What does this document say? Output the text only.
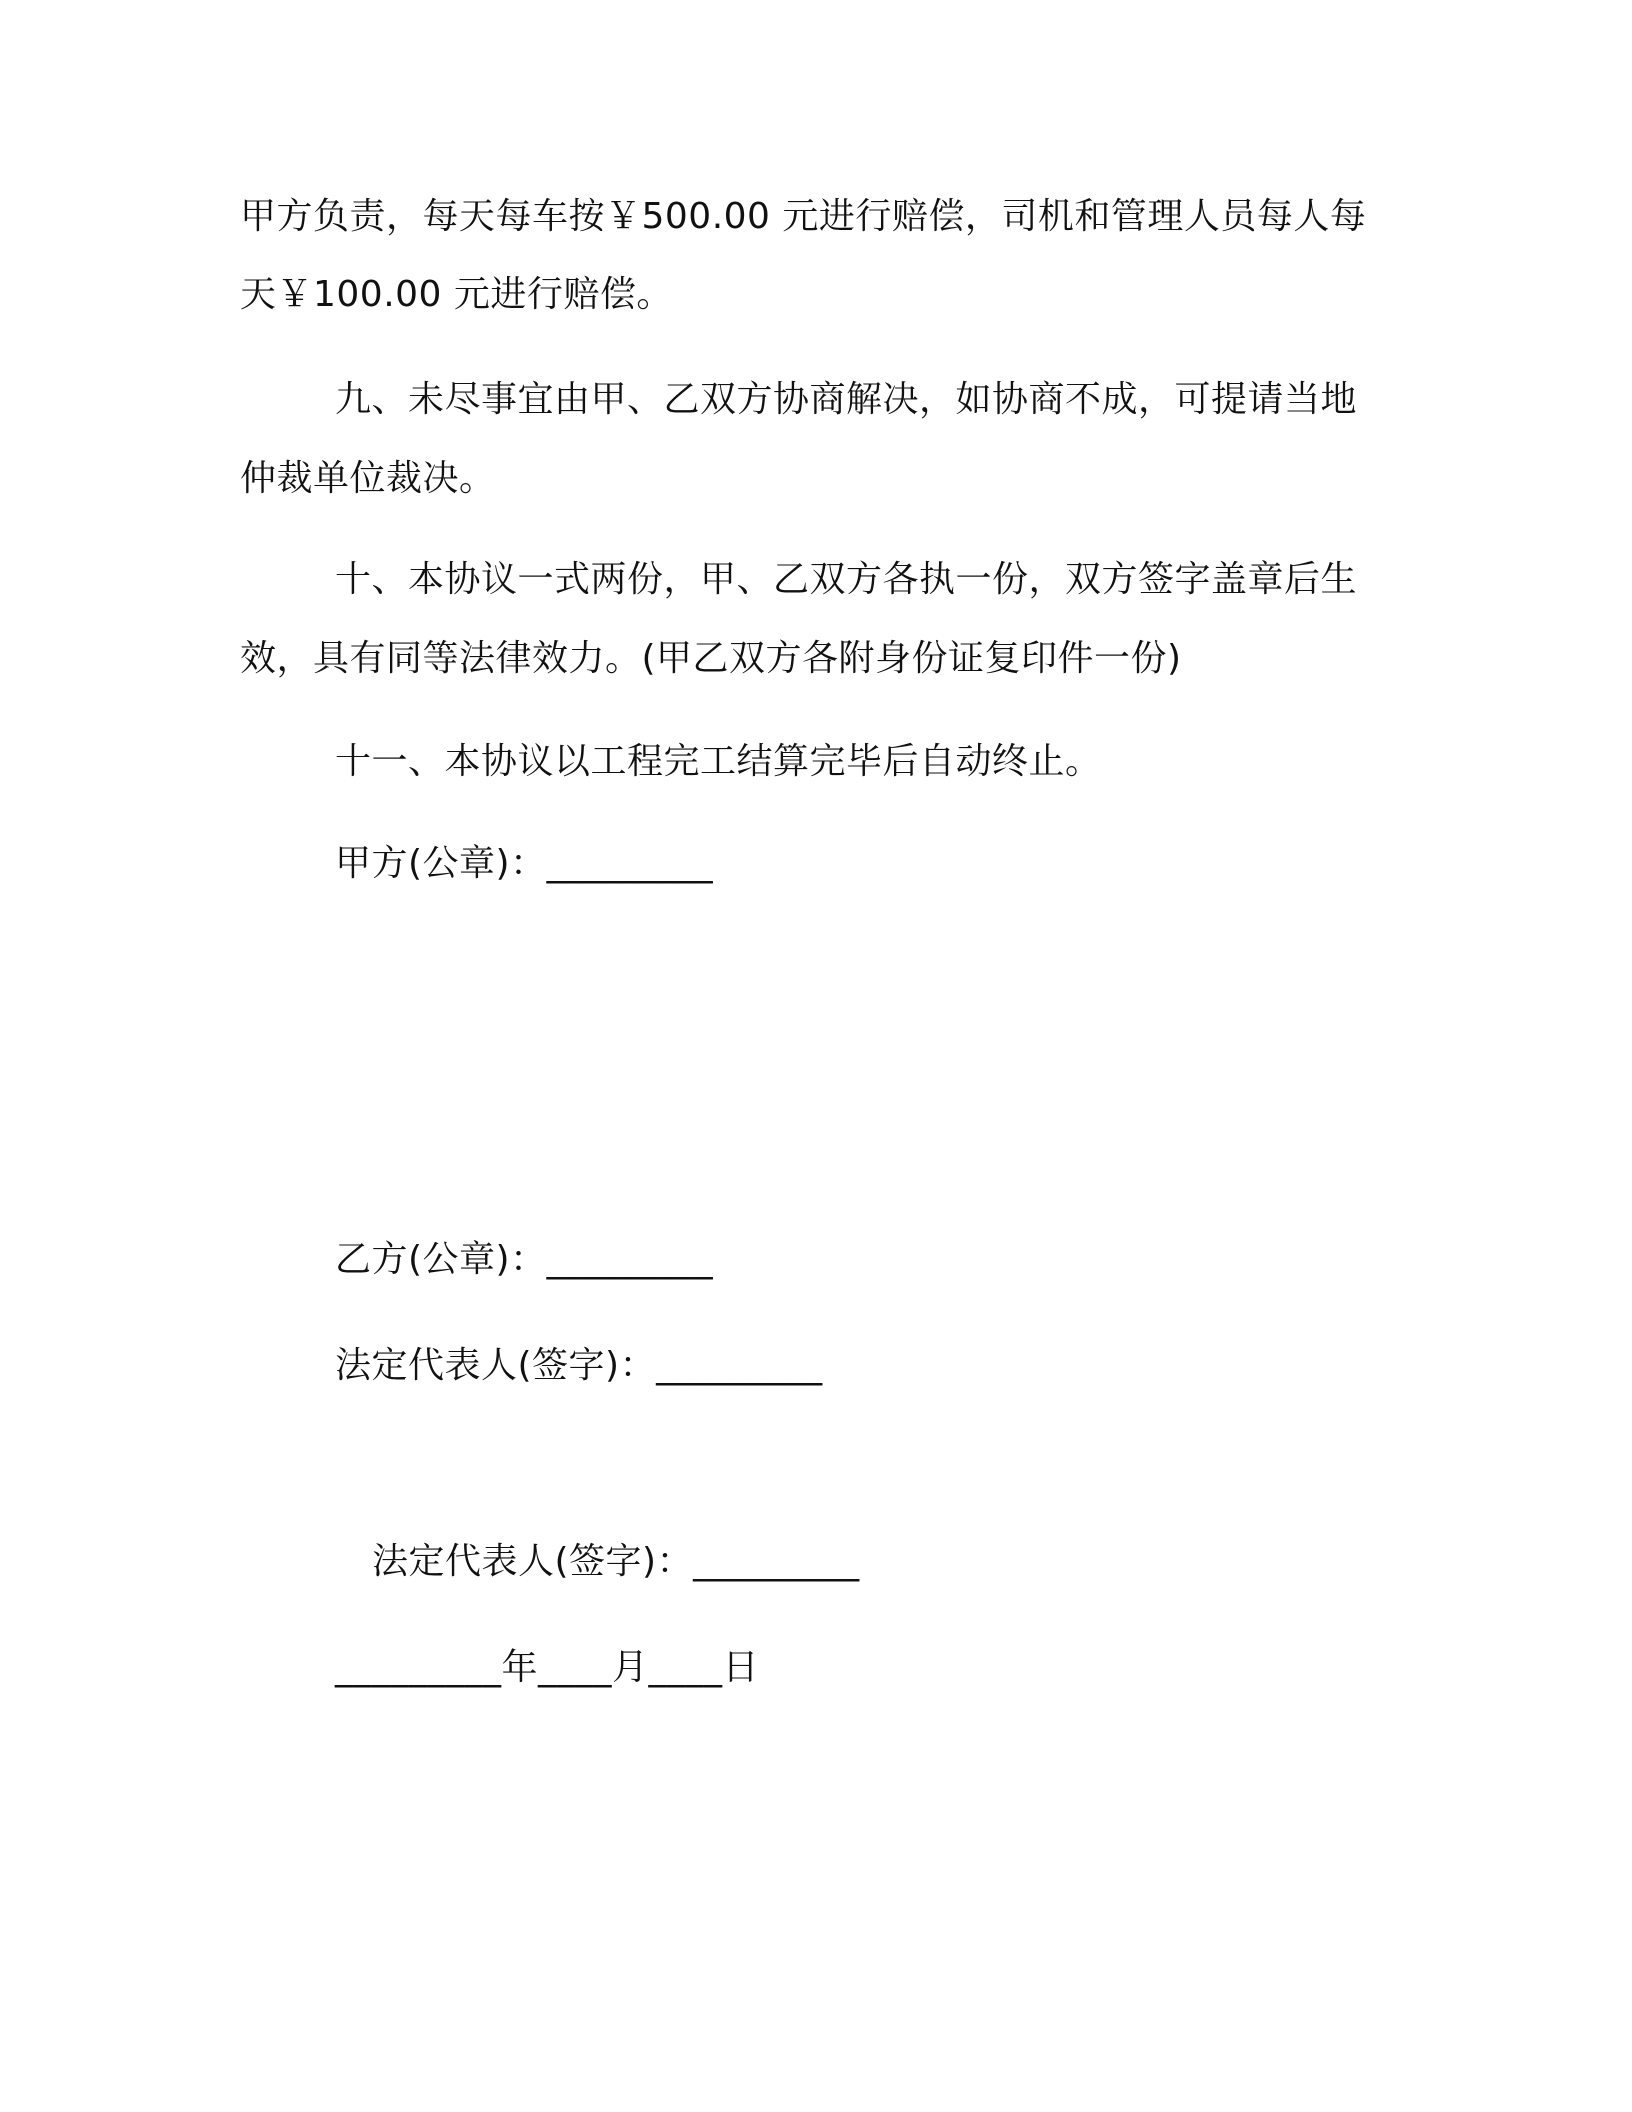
甲方负责，每天每车按￥500.00 元进行赔偿，司机和管理人员每人每
天￥100.00 元进行赔偿。
九、未尽事宜由甲、乙双方协商解决，如协商不成，可提请当地
仲裁单位裁决。
十、本协议一式两份，甲、乙双方各执一份，双方签字盖章后生
效，具有同等法律效力。(甲乙双方各附身份证复印件一份)
十一、本协议以工程完工结算完毕后自动终止。
甲方(公章)：_________
乙方(公章)：_________
法定代表人(签字)：_________
法定代表人(签字)：_________
_________年____月____日
